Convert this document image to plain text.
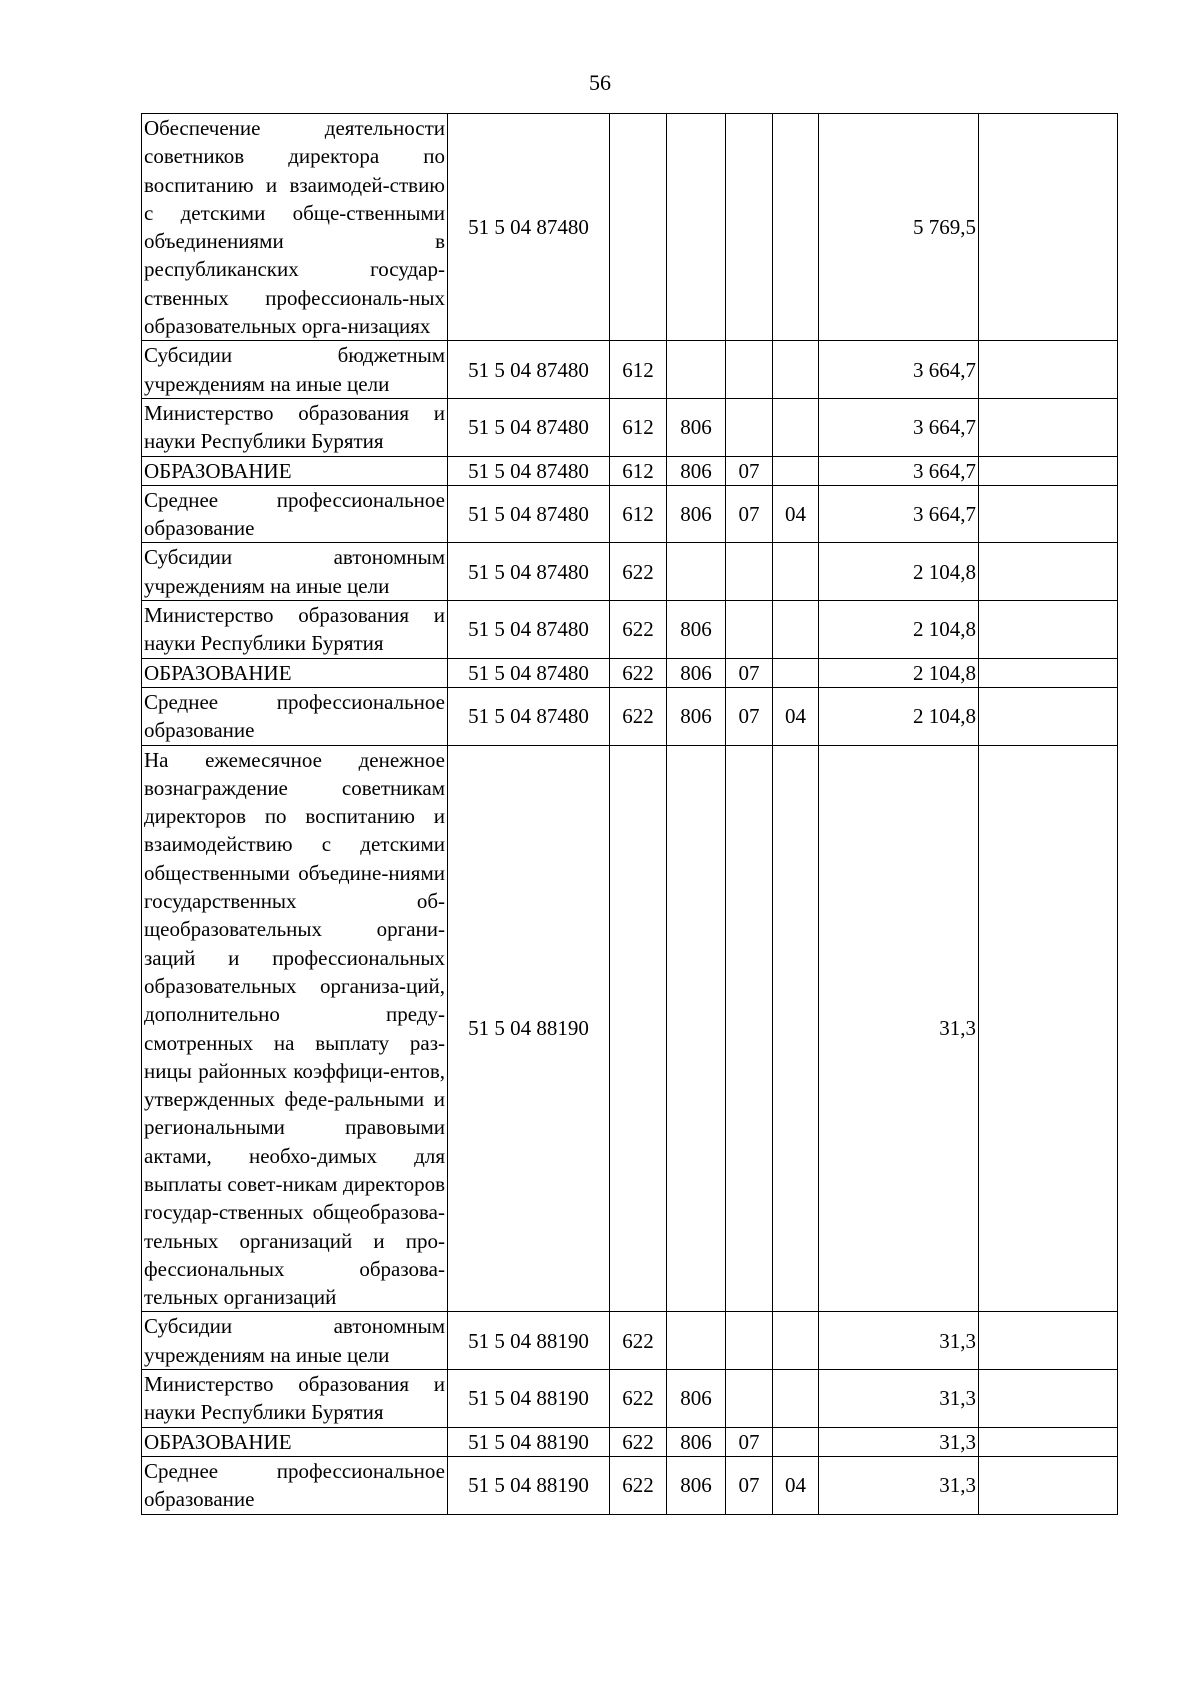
56
Обеспечение деятельности советников директора по воспитанию и взаимодей-ствию с детскими обще-ственными объединениями в республиканских государ-ственных профессиональ-ных образовательных орга-низациях	51 5 04 87480					5 769,5	
Субсидии бюджетным учреждениям на иные цели	51 5 04 87480	612				3 664,7	
Министерство образования и науки Республики Бурятия	51 5 04 87480	612	806			3 664,7	
ОБРАЗОВАНИЕ	51 5 04 87480	612	806	07		3 664,7	
Среднее профессиональное образование	51 5 04 87480	612	806	07	04	3 664,7	
Субсидии автономным учреждениям на иные цели	51 5 04 87480	622				2 104,8	
Министерство образования и науки Республики Бурятия	51 5 04 87480	622	806			2 104,8	
ОБРАЗОВАНИЕ	51 5 04 87480	622	806	07		2 104,8	
Среднее профессиональное образование	51 5 04 87480	622	806	07	04	2 104,8	
На ежемесячное денежное вознаграждение советникам директоров по воспитанию и взаимодействию с детскими общественными объедине-ниями государственных об-щеобразовательных органи-заций и профессиональных образовательных организа-ций, дополнительно преду-смотренных на выплату раз-ницы районных коэффици-ентов, утвержденных феде-ральными и региональными правовыми актами, необхо-димых для выплаты совет-никам директоров государ-ственных общеобразова-тельных организаций и про-фессиональных образова-тельных организаций	51 5 04 88190					31,3	
Субсидии автономным учреждениям на иные цели	51 5 04 88190	622				31,3	
Министерство образования и науки Республики Бурятия	51 5 04 88190	622	806			31,3	
ОБРАЗОВАНИЕ	51 5 04 88190	622	806	07		31,3	
Среднее профессиональное образование	51 5 04 88190	622	806	07	04	31,3	
